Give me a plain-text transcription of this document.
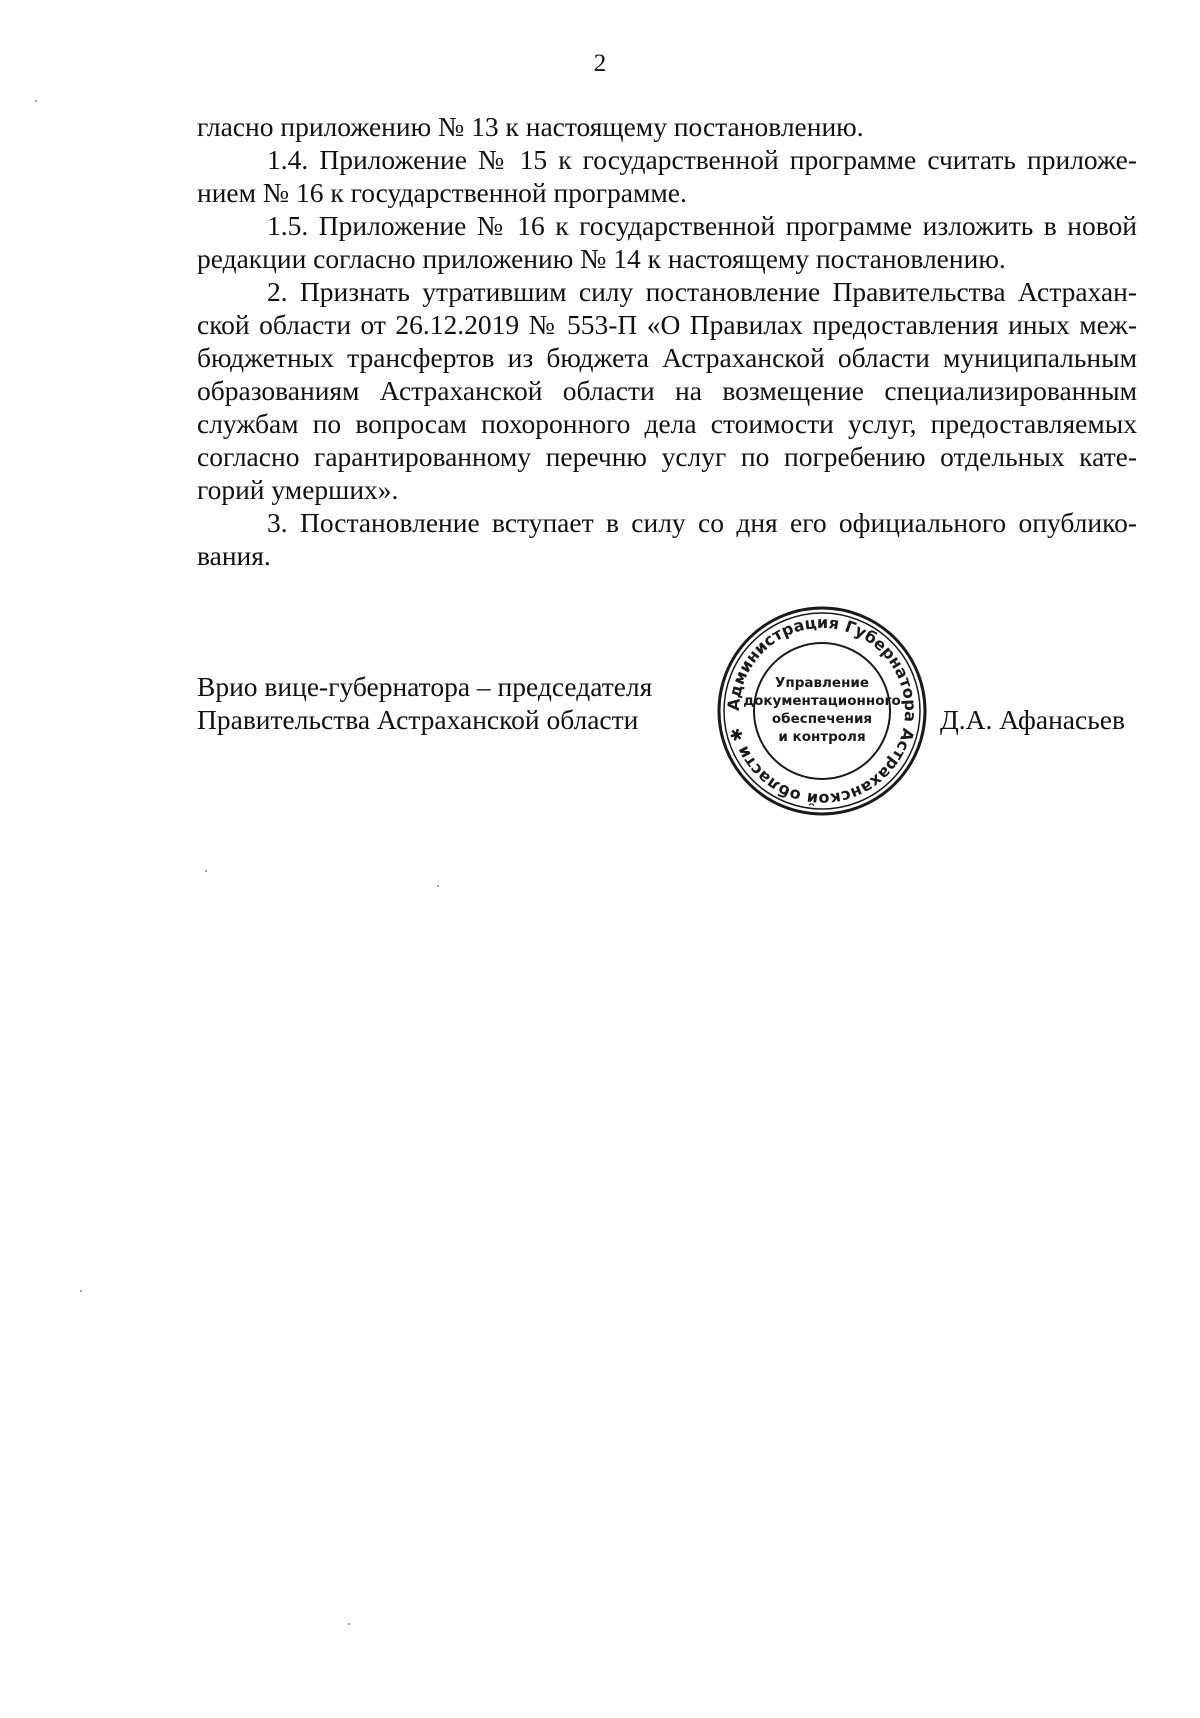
2
гласно приложению № 13 к настоящему постановлению.
1.4. Приложение № 15 к государственной программе считать приложе-
нием № 16 к государственной программе.
1.5. Приложение № 16 к государственной программе изложить в новой
редакции согласно приложению № 14 к настоящему постановлению.
2. Признать утратившим силу постановление Правительства Астрахан-
ской области от 26.12.2019 № 553-П «О Правилах предоставления иных меж-
бюджетных трансфертов из бюджета Астраханской области муниципальным
образованиям Астраханской области на возмещение специализированным
службам по вопросам похоронного дела стоимости услуг, предоставляемых
согласно гарантированному перечню услуг по погребению отдельных кате-
горий умерших».
3. Постановление вступает в силу со дня его официального опублико-
вания.
Врио вице-губернатора – председателя
Правительства Астраханской области
Администрация Губернатора Астраханской области ✱
Управление
документационного
обеспечения
и контроля
Д.А. Афанасьев
